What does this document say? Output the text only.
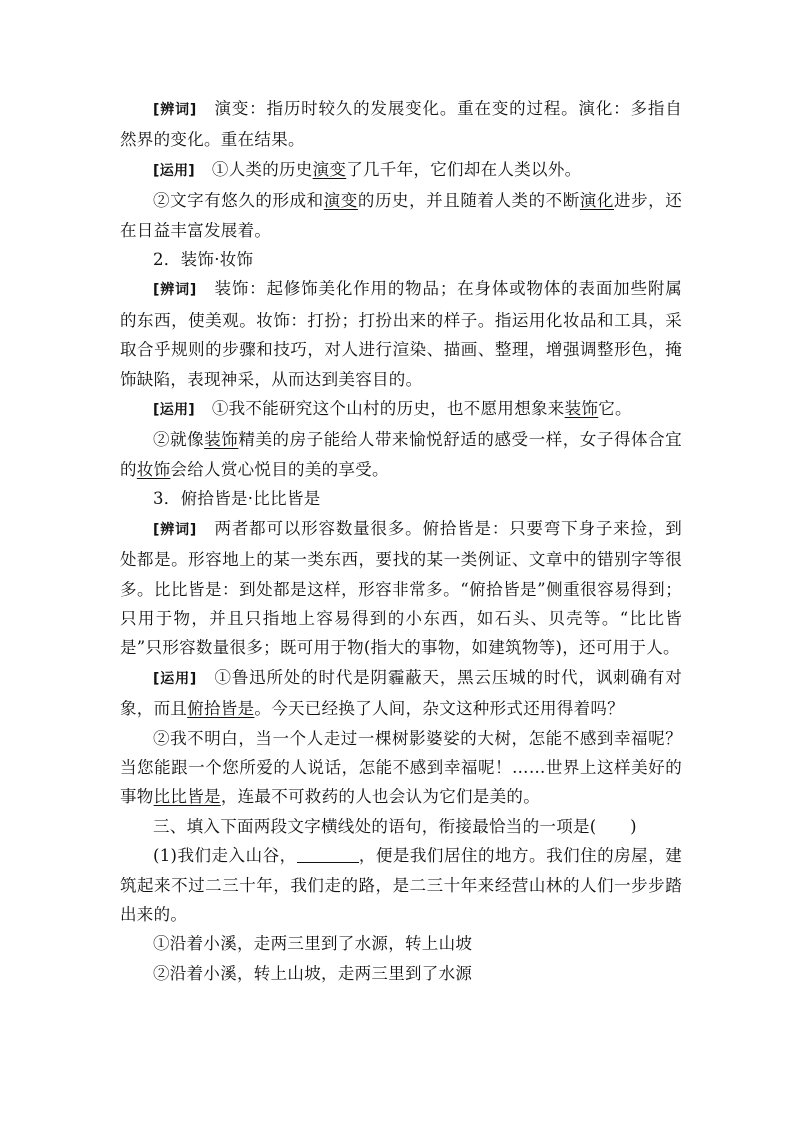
[辨词]　 演变：指历时较久的发展变化。重在变的过程。演化：多指自然界的变化。重在结果。

[运用]　 ①人类的历史演变了几千年，它们却在人类以外。

②文字有悠久的形成和演变的历史，并且随着人类的不断演化进步，还在日益丰富发展着。

2．装饰·妆饰

[辨词]　 装饰：起修饰美化作用的物品；在身体或物体的表面加些附属的东西，使美观。妆饰：打扮；打扮出来的样子。指运用化妆品和工具，采取合乎规则的步骤和技巧，对人进行渲染、描画、整理，增强调整形色，掩饰缺陷，表现神采，从而达到美容目的。

[运用]　 ①我不能研究这个山村的历史，也不愿用想象来装饰它。

②就像装饰精美的房子能给人带来愉悦舒适的感受一样，女子得体合宜的妆饰会给人赏心悦目的美的享受。

3．俯拾皆是·比比皆是

[辨词]　 两者都可以形容数量很多。俯拾皆是：只要弯下身子来捡，到处都是。形容地上的某一类东西，要找的某一类例证、文章中的错别字等很多。比比皆是：到处都是这样，形容非常多。“俯拾皆是”侧重很容易得到；只用于物，并且只指地上容易得到的小东西，如石头、贝壳等。“比比皆是”只形容数量很多；既可用于物(指大的事物，如建筑物等)，还可用于人。

[运用]　 ①鲁迅所处的时代是阴霾蔽天，黑云压城的时代，讽刺确有对象，而且俯拾皆是。今天已经换了人间，杂文这种形式还用得着吗？

②我不明白，当一个人走过一棵树影婆娑的大树，怎能不感到幸福呢？当您能跟一个您所爱的人说话，怎能不感到幸福呢！……世界上这样美好的事物比比皆是，连最不可救药的人也会认为它们是美的。

三、填入下面两段文字横线处的语句，衔接最恰当的一项是(　　)

(1)我们走入山谷，	，便是我们居住的地方。我们住的房屋，建筑起来不过二三十年，我们走的路，是二三十年来经营山林的人们一步步踏出来的。

①沿着小溪，走两三里到了水源，转上山坡

②沿着小溪，转上山坡，走两三里到了水源
